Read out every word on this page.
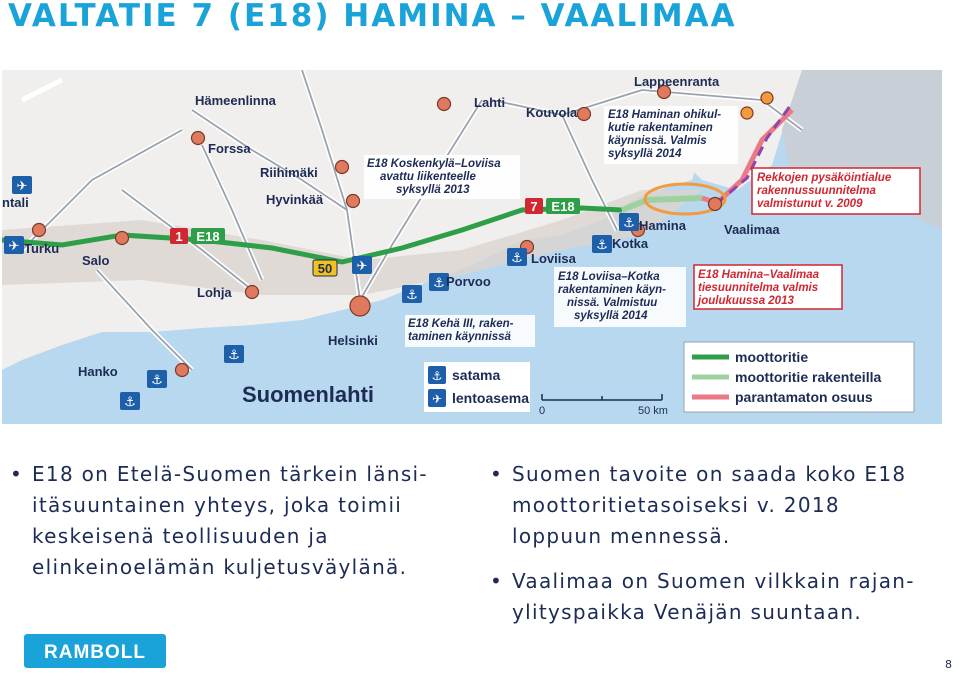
VALTATIE 7 (E18) HAMINA – VAALIMAA
1 E18
7 E18
50
✈
✈
✈
⚓
⚓
⚓
⚓
⚓
⚓
⚓
⚓
Hämeenlinna	Lahti
Kouvola
Lappeenranta
Forssa
Riihimäki
Hyvinkää
ntali
Turku
Salo
Lohja
Porvoo
Loviisa
Kotka
Hamina	Vaalimaa
Helsinki
Hanko
Suomenlahti
E18 Koskenkylä–Loviisa
avattu liikenteelle
syksyllä 2013
E18 Haminan ohikul-
kutie rakentaminen
käynnissä. Valmis
syksyllä 2014
Rekkojen pysäköintialue
rakennussuunnitelma
valmistunut v. 2009
E18 Kehä III, raken-
taminen käynnissä
E18 Loviisa–Kotka
rakentaminen käyn-
nissä. Valmistuu
syksyllä 2014
E18 Hamina–Vaalimaa
tiesuunnitelma valmis
joulukuussa 2013
⚓ satama
✈ lentoasema
0	50 km
moottoritie
moottoritie rakenteilla
parantamaton osuus
• E18 on Etelä-Suomen tärkein länsi-
itäsuuntainen yhteys, joka toimii
keskeisenä teollisuuden ja
elinkeinoelämän kuljetusväylänä.
• Suomen tavoite on saada koko E18
moottoritietasoiseksi v. 2018
loppuun mennessä.
• Vaalimaa on Suomen vilkkain rajan-
ylityspaikka Venäjän suuntaan.
RAMBOLL
8
